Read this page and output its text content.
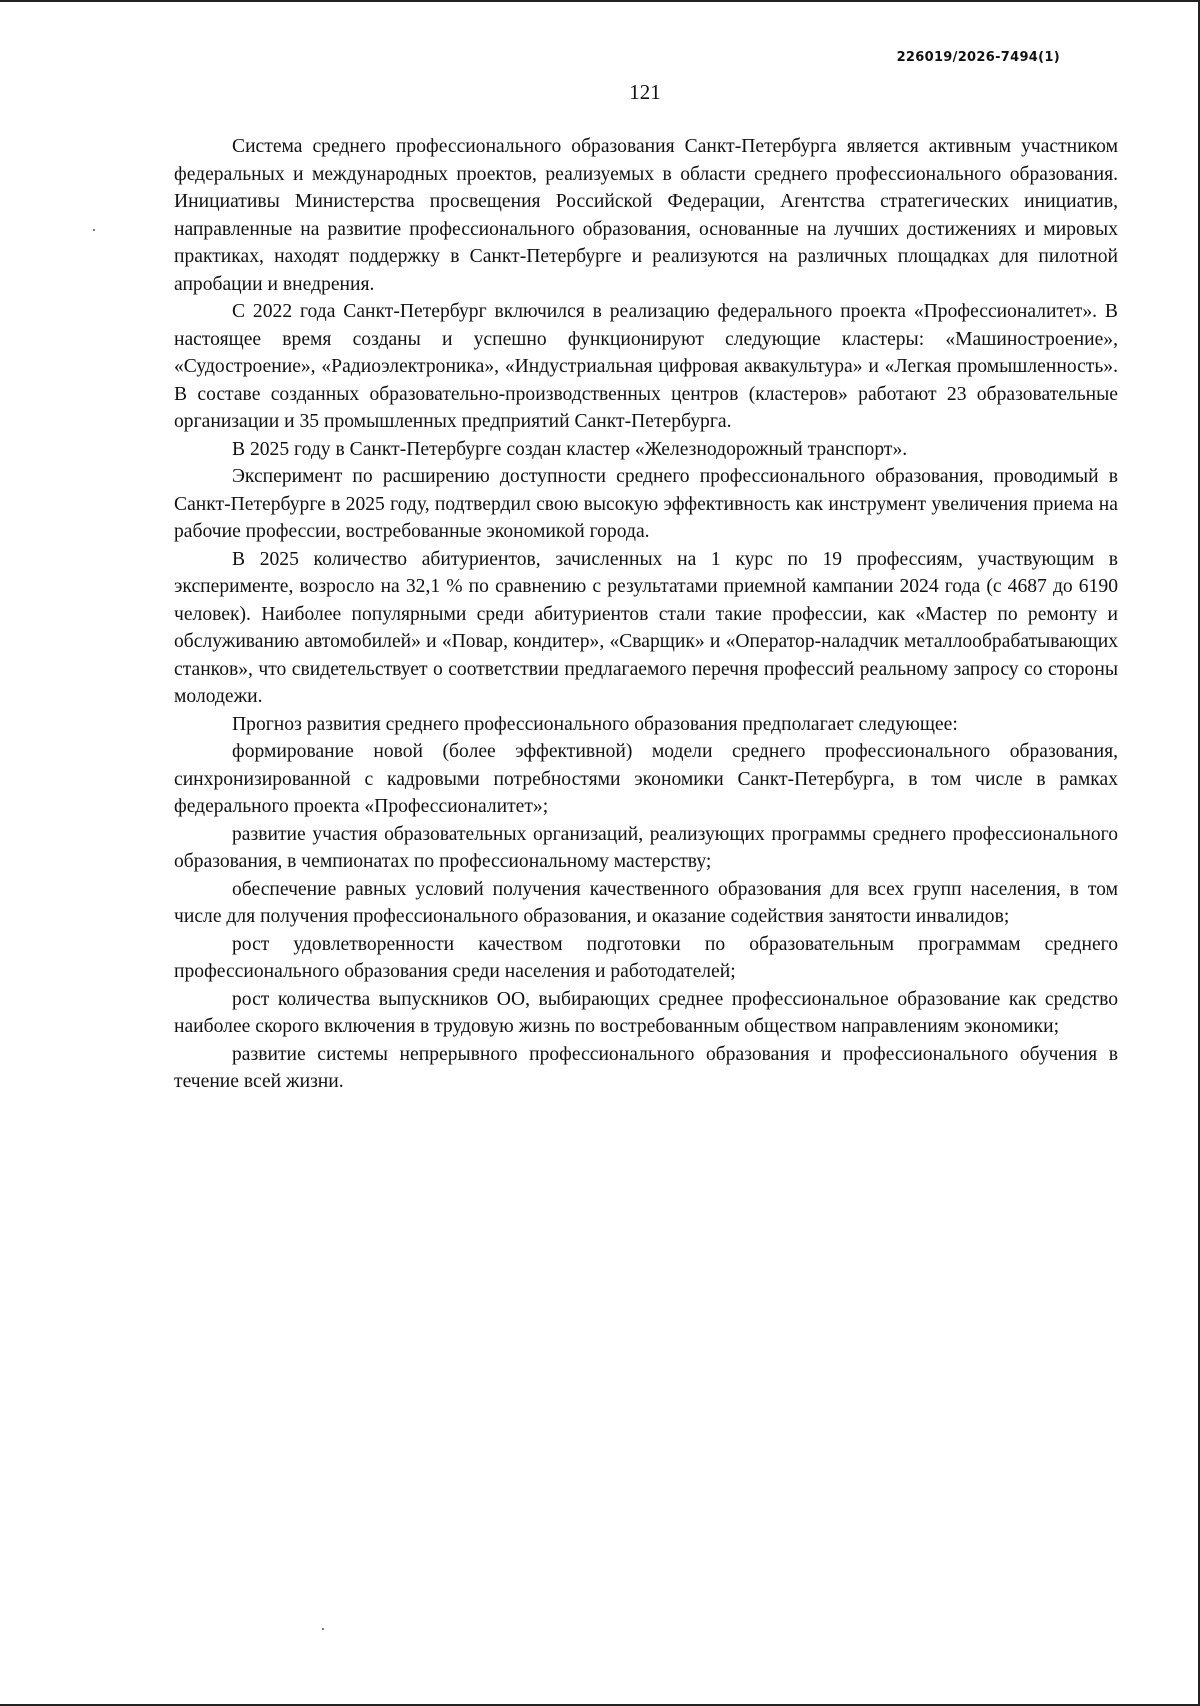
226019/2026-7494(1)
121

Система среднего профессионального образования Санкт-Петербурга является активным участником федеральных и международных проектов, реализуемых в области среднего профессионального образования. Инициативы Министерства просвещения Российской Федерации, Агентства стратегических инициатив, направленные на развитие профессионального образования, основанные на лучших достижениях и мировых практиках, находят поддержку в Санкт-Петербурге и реализуются на различных площадках для пилотной апробации и внедрения.

С 2022 года Санкт-Петербург включился в реализацию федерального проекта «Профессионалитет». В настоящее время созданы и успешно функционируют следующие кластеры: «Машиностроение», «Судостроение», «Радиоэлектроника», «Индустриальная цифровая аквакультура» и «Легкая промышленность». В составе созданных образовательно-производственных центров (кластеров» работают 23 образовательные организации и 35 промышленных предприятий Санкт-Петербурга.

В 2025 году в Санкт-Петербурге создан кластер «Железнодорожный транспорт».

Эксперимент по расширению доступности среднего профессионального образования, проводимый в Санкт-Петербурге в 2025 году, подтвердил свою высокую эффективность как инструмент увеличения приема на рабочие профессии, востребованные экономикой города.

В 2025 количество абитуриентов, зачисленных на 1 курс по 19 профессиям, участвующим в эксперименте, возросло на 32,1 % по сравнению с результатами приемной кампании 2024 года (с 4687 до 6190 человек). Наиболее популярными среди абитуриентов стали такие профессии, как «Мастер по ремонту и обслуживанию автомобилей» и «Повар, кондитер», «Сварщик» и «Оператор-наладчик металлообрабатывающих станков», что свидетельствует о соответствии предлагаемого перечня профессий реальному запросу со стороны молодежи.

Прогноз развития среднего профессионального образования предполагает следующее:

формирование новой (более эффективной) модели среднего профессионального образования, синхронизированной с кадровыми потребностями экономики Санкт-Петербурга, в том числе в рамках федерального проекта «Профессионалитет»;

развитие участия образовательных организаций, реализующих программы среднего профессионального образования, в чемпионатах по профессиональному мастерству;

обеспечение равных условий получения качественного образования для всех групп населения, в том числе для получения профессионального образования, и оказание содействия занятости инвалидов;

рост удовлетворенности качеством подготовки по образовательным программам среднего профессионального образования среди населения и работодателей;

рост количества выпускников ОО, выбирающих среднее профессиональное образование как средство наиболее скорого включения в трудовую жизнь по востребованным обществом направлениям экономики;

развитие системы непрерывного профессионального образования и профессионального обучения в течение всей жизни.
